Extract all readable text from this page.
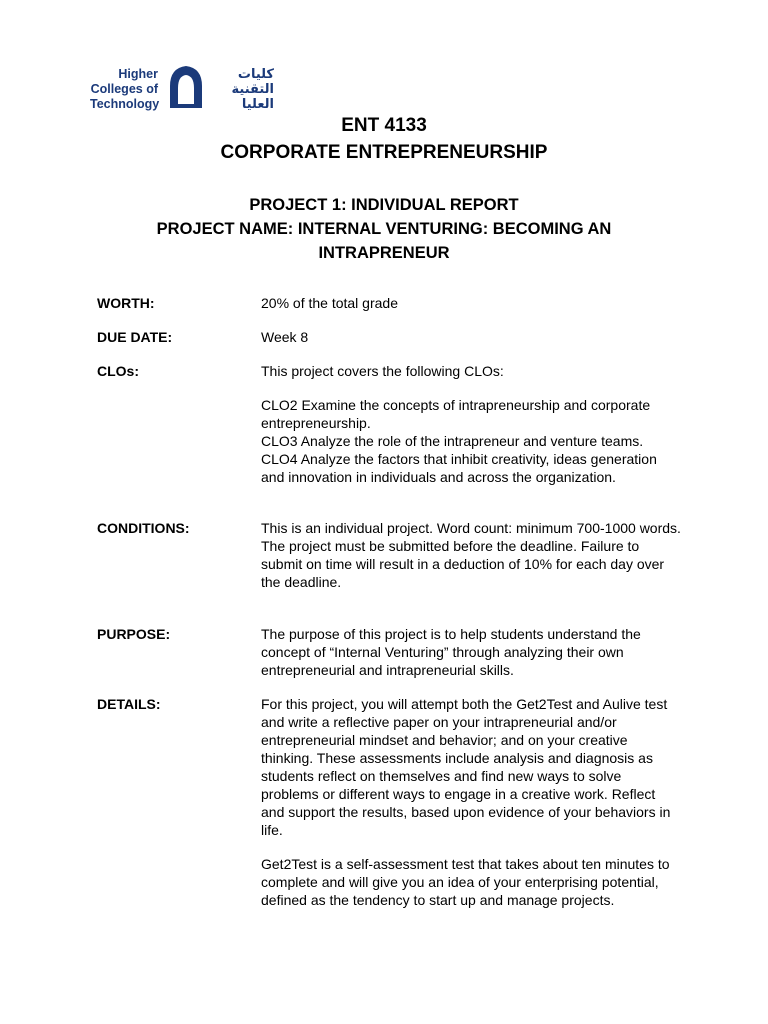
Higher
Colleges of
Technology
كليات
التقنية
العليا
ENT 4133
CORPORATE ENTREPRENEURSHIP
PROJECT 1: INDIVIDUAL REPORT
PROJECT NAME: INTERNAL VENTURING: BECOMING AN
INTRAPRENEUR
WORTH:	20% of the total grade
DUE DATE:	Week 8
CLOs:	This project covers the following CLOs:

CLO2 Examine the concepts of intrapreneurship and corporate entrepreneurship.

CLO3 Analyze the role of the intrapreneur and venture teams.

CLO4 Analyze the factors that inhibit creativity, ideas generation and innovation in individuals and across the organization.

CONDITIONS:	This is an individual project. Word count: minimum 700-1000 words.

The project must be submitted before the deadline. Failure to submit on time will result in a deduction of 10% for each day over the deadline.

PURPOSE:	The purpose of this project is to help students understand the concept of “Internal Venturing” through analyzing their own entrepreneurial and intrapreneurial skills.
DETAILS:	For this project, you will attempt both the Get2Test and Aulive test and write a reflective paper on your intrapreneurial and/or entrepreneurial mindset and behavior; and on your creative thinking. These assessments include analysis and diagnosis as students reflect on themselves and find new ways to solve problems or different ways to engage in a creative work. Reflect and support the results, based upon evidence of your behaviors in life.

Get2Test is a self-assessment test that takes about ten minutes to complete and will give you an idea of your enterprising potential, defined as the tendency to start up and manage projects.
